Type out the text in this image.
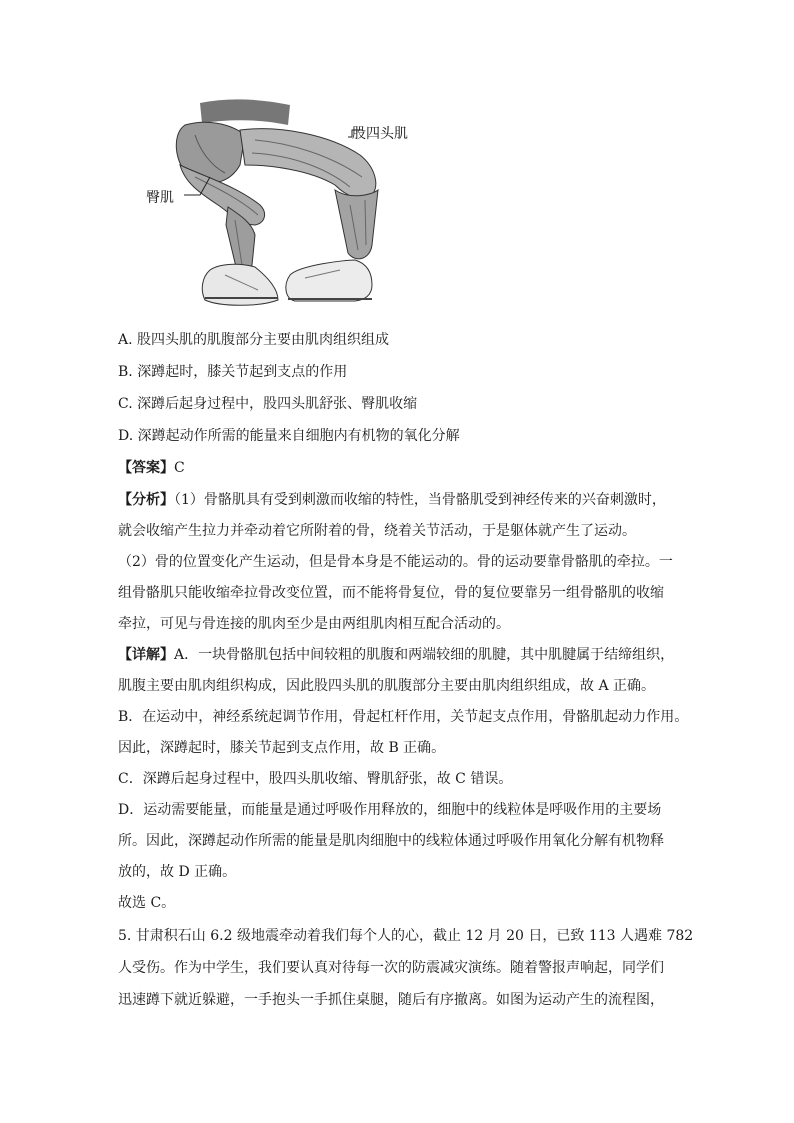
股四头肌
臀肌
A. 股四头肌的肌腹部分主要由肌肉组织组成
B. 深蹲起时，膝关节起到支点的作用
C. 深蹲后起身过程中，股四头肌舒张、臀肌收缩
D. 深蹲起动作所需的能量来自细胞内有机物的氧化分解
【答案】C
【分析】（1）骨骼肌具有受到刺激而收缩的特性，当骨骼肌受到神经传来的兴奋刺激时，
就会收缩产生拉力并牵动着它所附着的骨，绕着关节活动，于是躯体就产生了运动。
（2）骨的位置变化产生运动，但是骨本身是不能运动的。骨的运动要靠骨骼肌的牵拉。一
组骨骼肌只能收缩牵拉骨改变位置，而不能将骨复位，骨的复位要靠另一组骨骼肌的收缩
牵拉，可见与骨连接的肌肉至少是由两组肌肉相互配合活动的。
【详解】A．一块骨骼肌包括中间较粗的肌腹和两端较细的肌腱，其中肌腱属于结缔组织，
肌腹主要由肌肉组织构成，因此股四头肌的肌腹部分主要由肌肉组织组成，故 A 正确。
B．在运动中，神经系统起调节作用，骨起杠杆作用，关节起支点作用，骨骼肌起动力作用。
因此，深蹲起时，膝关节起到支点作用，故 B 正确。
C．深蹲后起身过程中，股四头肌收缩、臀肌舒张，故 C 错误。
D．运动需要能量，而能量是通过呼吸作用释放的，细胞中的线粒体是呼吸作用的主要场
所。因此，深蹲起动作所需的能量是肌肉细胞中的线粒体通过呼吸作用氧化分解有机物释
放的，故 D 正确。
故选 C。
5. 甘肃积石山 6.2 级地震牵动着我们每个人的心，截止 12 月 20 日，已致 113 人遇难 782
人受伤。作为中学生，我们要认真对待每一次的防震减灾演练。随着警报声响起，同学们
迅速蹲下就近躲避，一手抱头一手抓住桌腿，随后有序撤离。如图为运动产生的流程图，
